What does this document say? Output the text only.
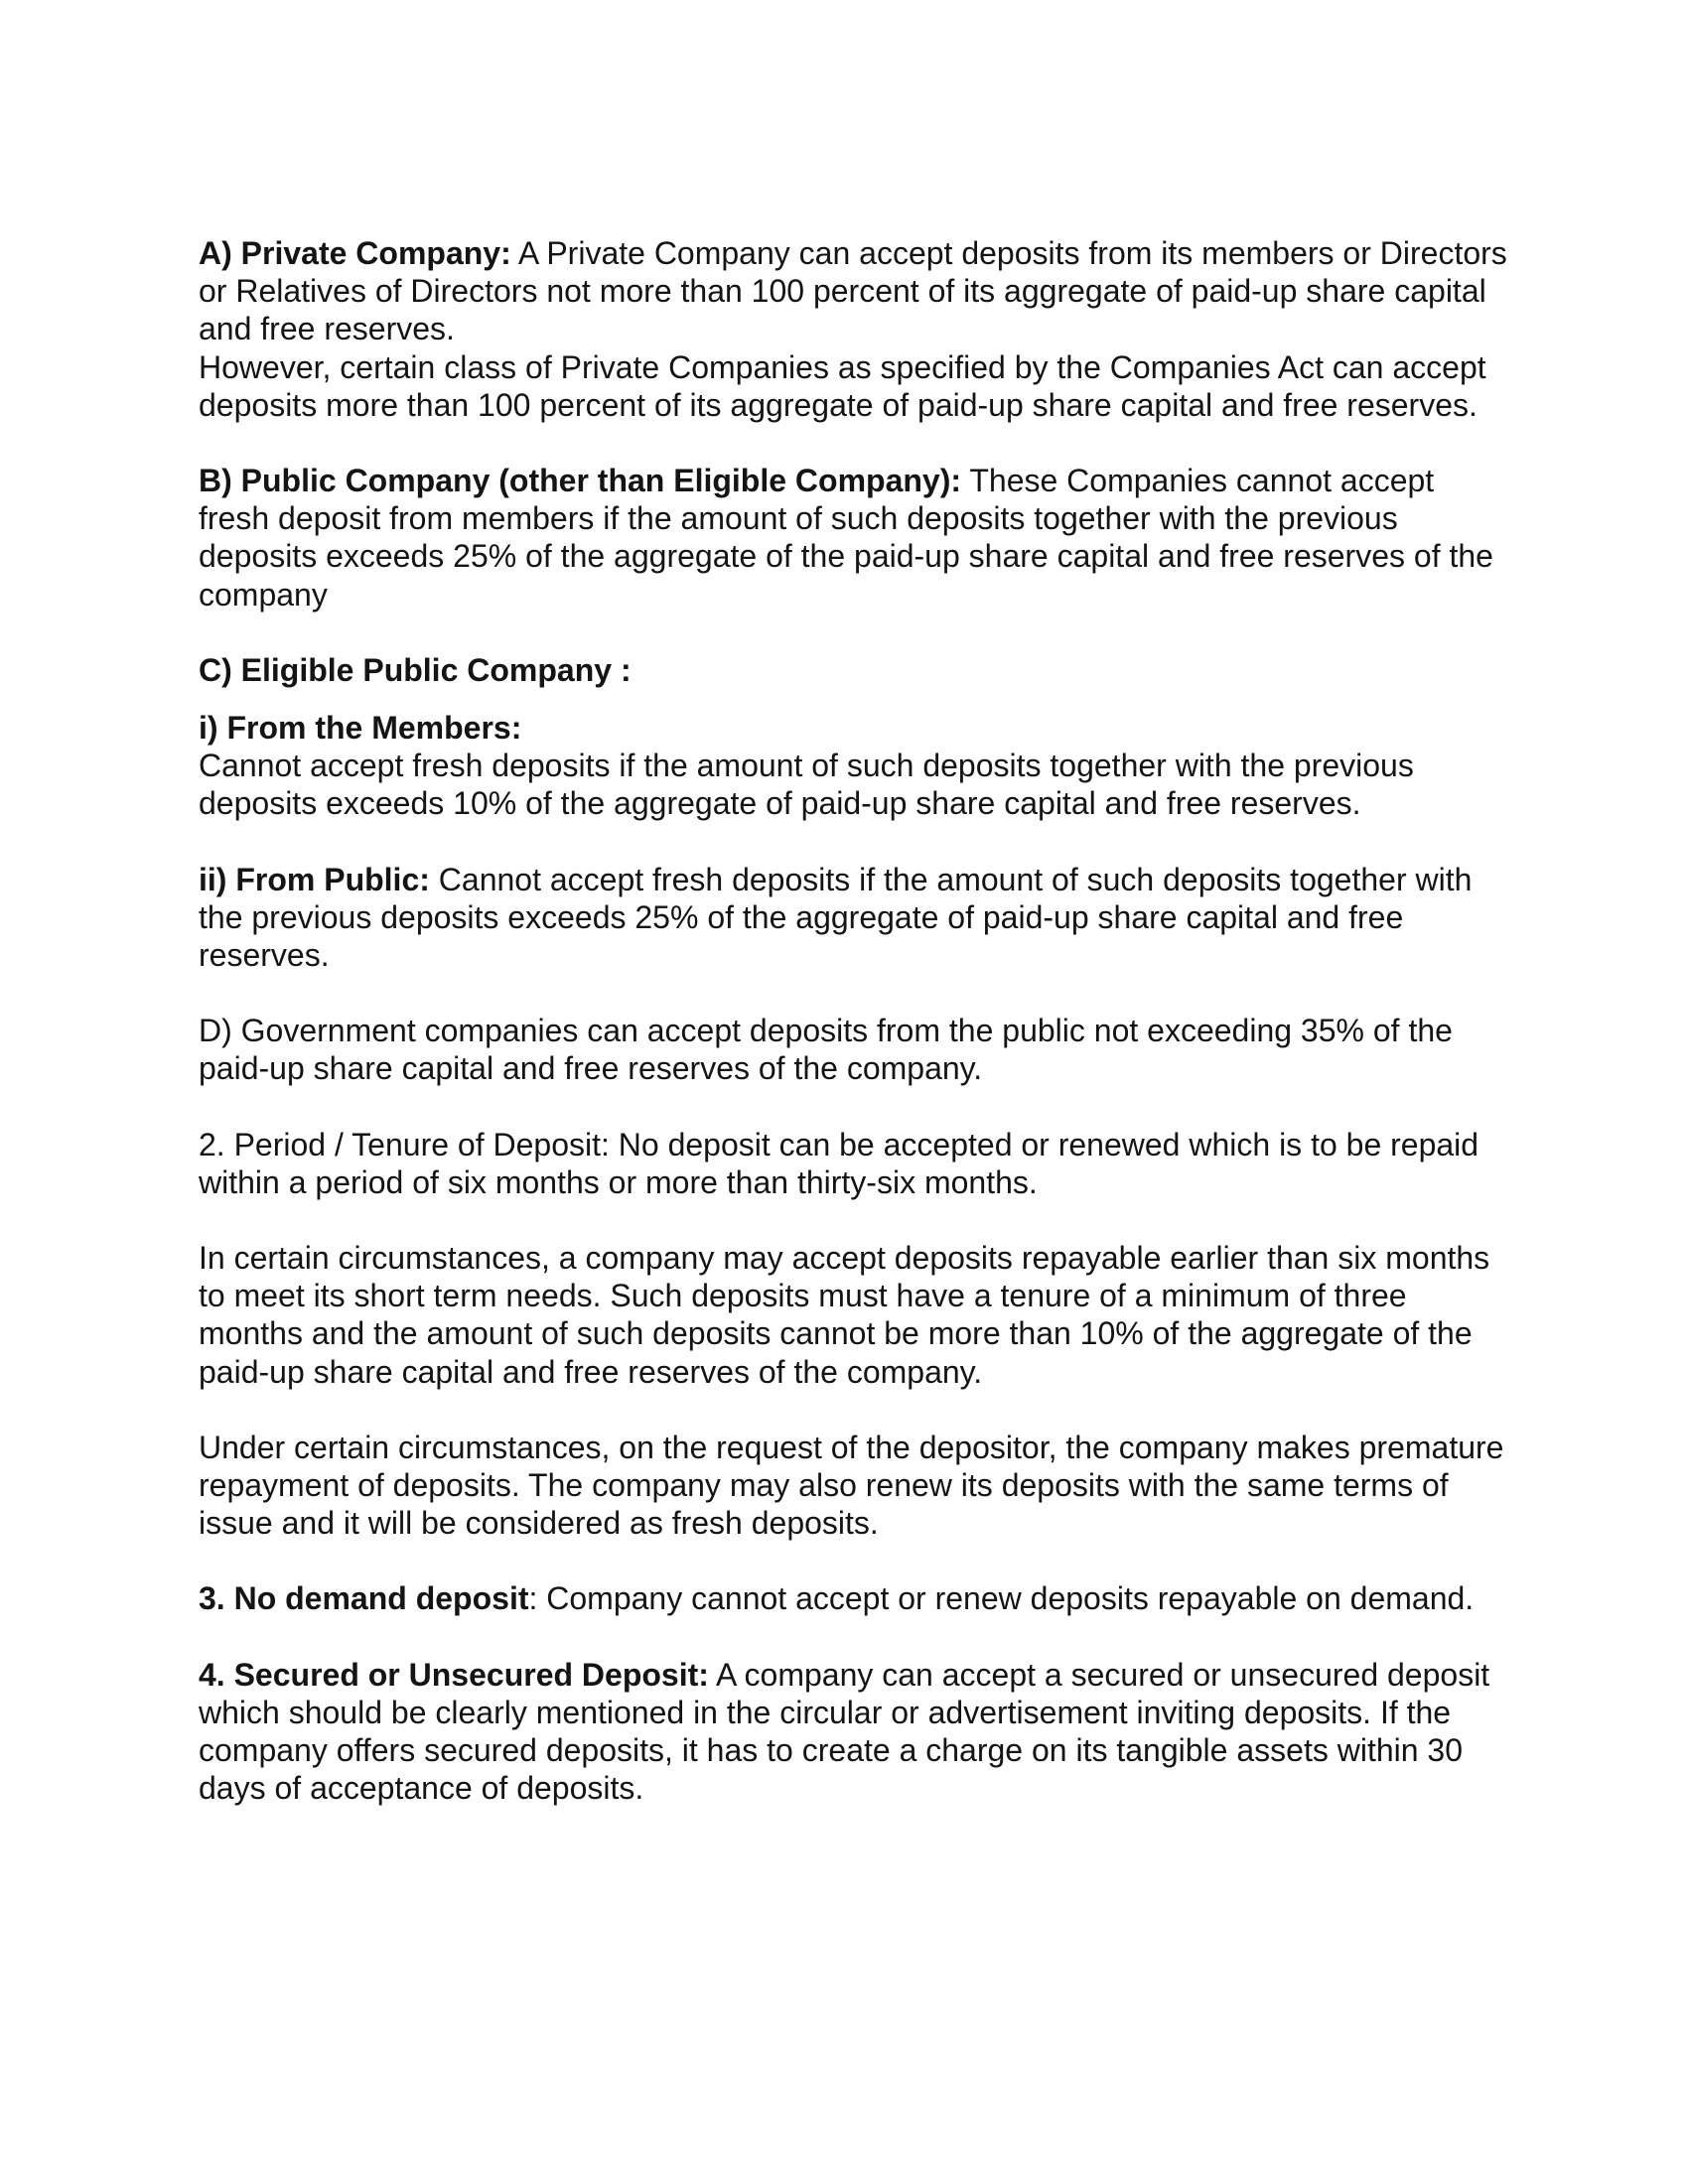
A) Private Company: A Private Company can accept deposits from its members or Directors or Relatives of Directors not more than 100 percent of its aggregate of paid-up share capital and free reserves.

However, certain class of Private Companies as specified by the Companies Act can accept deposits more than 100 percent of its aggregate of paid-up share capital and free reserves.

B) Public Company (other than Eligible Company): These Companies cannot accept fresh deposit from members if the amount of such deposits together with the previous deposits exceeds 25% of the aggregate of the paid-up share capital and free reserves of the company

C) Eligible Public Company :

i) From the Members:

Cannot accept fresh deposits if the amount of such deposits together with the previous deposits exceeds 10% of the aggregate of paid-up share capital and free reserves.

ii) From Public: Cannot accept fresh deposits if the amount of such deposits together with the previous deposits exceeds 25% of the aggregate of paid-up share capital and free reserves.

D) Government companies can accept deposits from the public not exceeding 35% of the paid-up share capital and free reserves of the company.

2. Period / Tenure of Deposit: No deposit can be accepted or renewed which is to be repaid within a period of six months or more than thirty-six months.

In certain circumstances, a company may accept deposits repayable earlier than six months to meet its short term needs. Such deposits must have a tenure of a minimum of three months and the amount of such deposits cannot be more than 10% of the aggregate of the paid-up share capital and free reserves of the company.

Under certain circumstances, on the request of the depositor, the company makes premature repayment of deposits. The company may also renew its deposits with the same terms of issue and it will be considered as fresh deposits.

3. No demand deposit: Company cannot accept or renew deposits repayable on demand.

4. Secured or Unsecured Deposit: A company can accept a secured or unsecured deposit which should be clearly mentioned in the circular or advertisement inviting deposits. If the company offers secured deposits, it has to create a charge on its tangible assets within 30 days of acceptance of deposits.
